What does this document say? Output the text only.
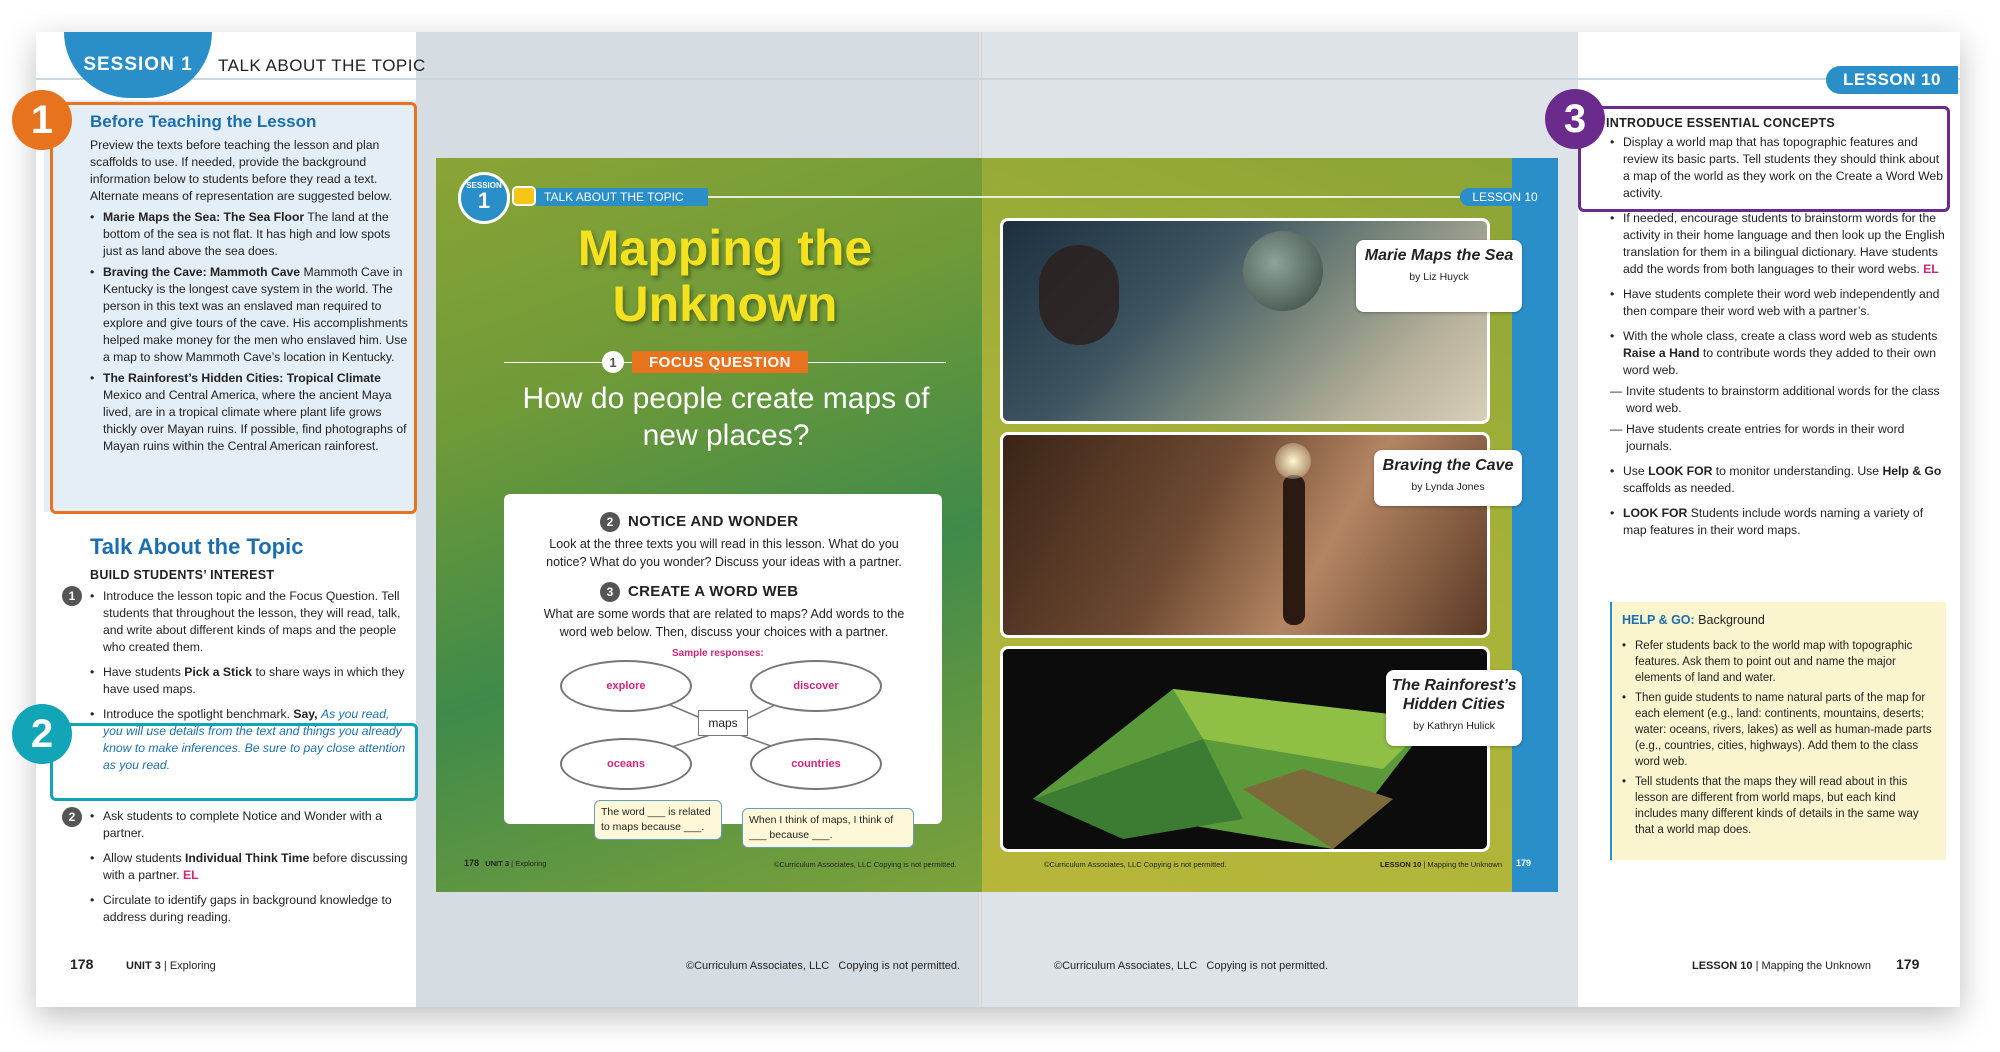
SESSION 1	TALK ABOUT THE TOPIC
LESSON 10
1	Before Teaching the Lesson

Preview the texts before teaching the lesson and plan scaffolds to use. If needed, provide the background information below to students before they read a text. Alternate means of representation are suggested below.

• Marie Maps the Sea: The Sea Floor The land at the bottom of the sea is not flat. It has high and low spots just as land above the sea does.
• Braving the Cave: Mammoth Cave Mammoth Cave in Kentucky is the longest cave system in the world. The person in this text was an enslaved man required to explore and give tours of the cave. His accomplishments helped make money for the men who enslaved him. Use a map to show Mammoth Cave’s location in Kentucky.
• The Rainforest’s Hidden Cities: Tropical Climate Mexico and Central America, where the ancient Maya lived, are in a tropical climate where plant life grows thickly over Mayan ruins. If possible, find photographs of Mayan ruins within the Central American rainforest.
Talk About the Topic
BUILD STUDENTS’ INTEREST
1	• Introduce the lesson topic and the Focus Question. Tell students that throughout the lesson, they will read, talk, and write about different kinds of maps and the people who created them.
• Have students Pick a Stick to share ways in which they have used maps.
• Introduce the spotlight benchmark. Say, As you read, you will use details from the text and things you already know to make inferences. Be sure to pay close attention as you read.
2
2	• Ask students to complete Notice and Wonder with a partner.
• Allow students Individual Think Time before discussing with a partner. EL
• Circulate to identify gaps in background knowledge to address during reading.
178	UNIT 3 | Exploring	©Curriculum Associates, LLC Copying is not permitted.	©Curriculum Associates, LLC Copying is not permitted.	LESSON 10 | Mapping the Unknown 179
SESSION
1	TALK ABOUT THE TOPIC	LESSON 10
Mapping the
Unknown
1	FOCUS QUESTION
How do people create maps of new places?
2 NOTICE AND WONDER
Look at the three texts you will read in this lesson. What do you notice? What do you wonder? Discuss your ideas with a partner.
3 CREATE A WORD WEB
What are some words that are related to maps? Add words to the word web below. Then, discuss your choices with a partner.
Sample responses:
explore	discover
oceans	countries
maps
The word ___ is related to maps because ___.
When I think of maps, I think of ___ because ___.
Marie Maps the Sea
by Liz Huyck
Braving the Cave
by Lynda Jones
The Rainforest’s Hidden Cities
by Kathryn Hulick
178 UNIT 3 | Exploring	©Curriculum Associates, LLC Copying is not permitted.	©Curriculum Associates, LLC Copying is not permitted.	LESSON 10 | Mapping the Unknown 179
3	INTRODUCE ESSENTIAL CONCEPTS
• Display a world map that has topographic features and review its basic parts. Tell students they should think about a map of the world as they work on the Create a Word Web activity.
• If needed, encourage students to brainstorm words for the activity in their home language and then look up the English translation for them in a bilingual dictionary. Have students add the words from both languages to their word webs. EL
• Have students complete their word web independently and then compare their word web with a partner’s.
• With the whole class, create a class word web as students Raise a Hand to contribute words they added to their own word web.
— Invite students to brainstorm additional words for the class word web.
— Have students create entries for words in their word journals.
• Use LOOK FOR to monitor understanding. Use Help & Go scaffolds as needed.
• LOOK FOR Students include words naming a variety of map features in their word maps.
HELP & GO: Background
• Refer students back to the world map with topographic features. Ask them to point out and name the major elements of land and water.
• Then guide students to name natural parts of the map for each element (e.g., land: continents, mountains, deserts; water: oceans, rivers, lakes) as well as human-made parts (e.g., countries, cities, highways). Add them to the class word web.
• Tell students that the maps they will read about in this lesson are different from world maps, but each kind includes many different kinds of details in the same way that a world map does.
